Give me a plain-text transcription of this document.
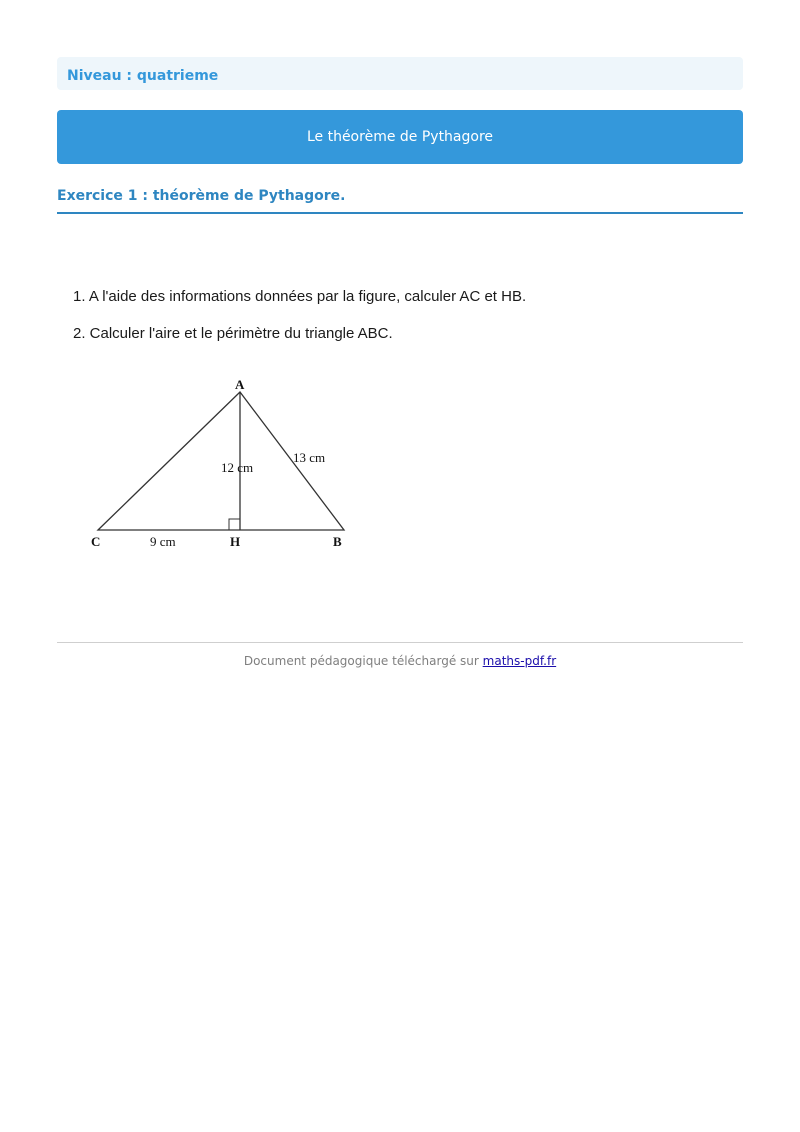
Niveau : quatrieme
Le théorème de Pythagore
Exercice 1 : théorème de Pythagore.
1. A l'aide des informations données par la figure, calculer AC et HB.
2. Calculer l'aire et le périmètre du triangle ABC.
A
C	H	B
12 cm
13 cm
9 cm
Document pédagogique téléchargé sur maths-pdf.fr
